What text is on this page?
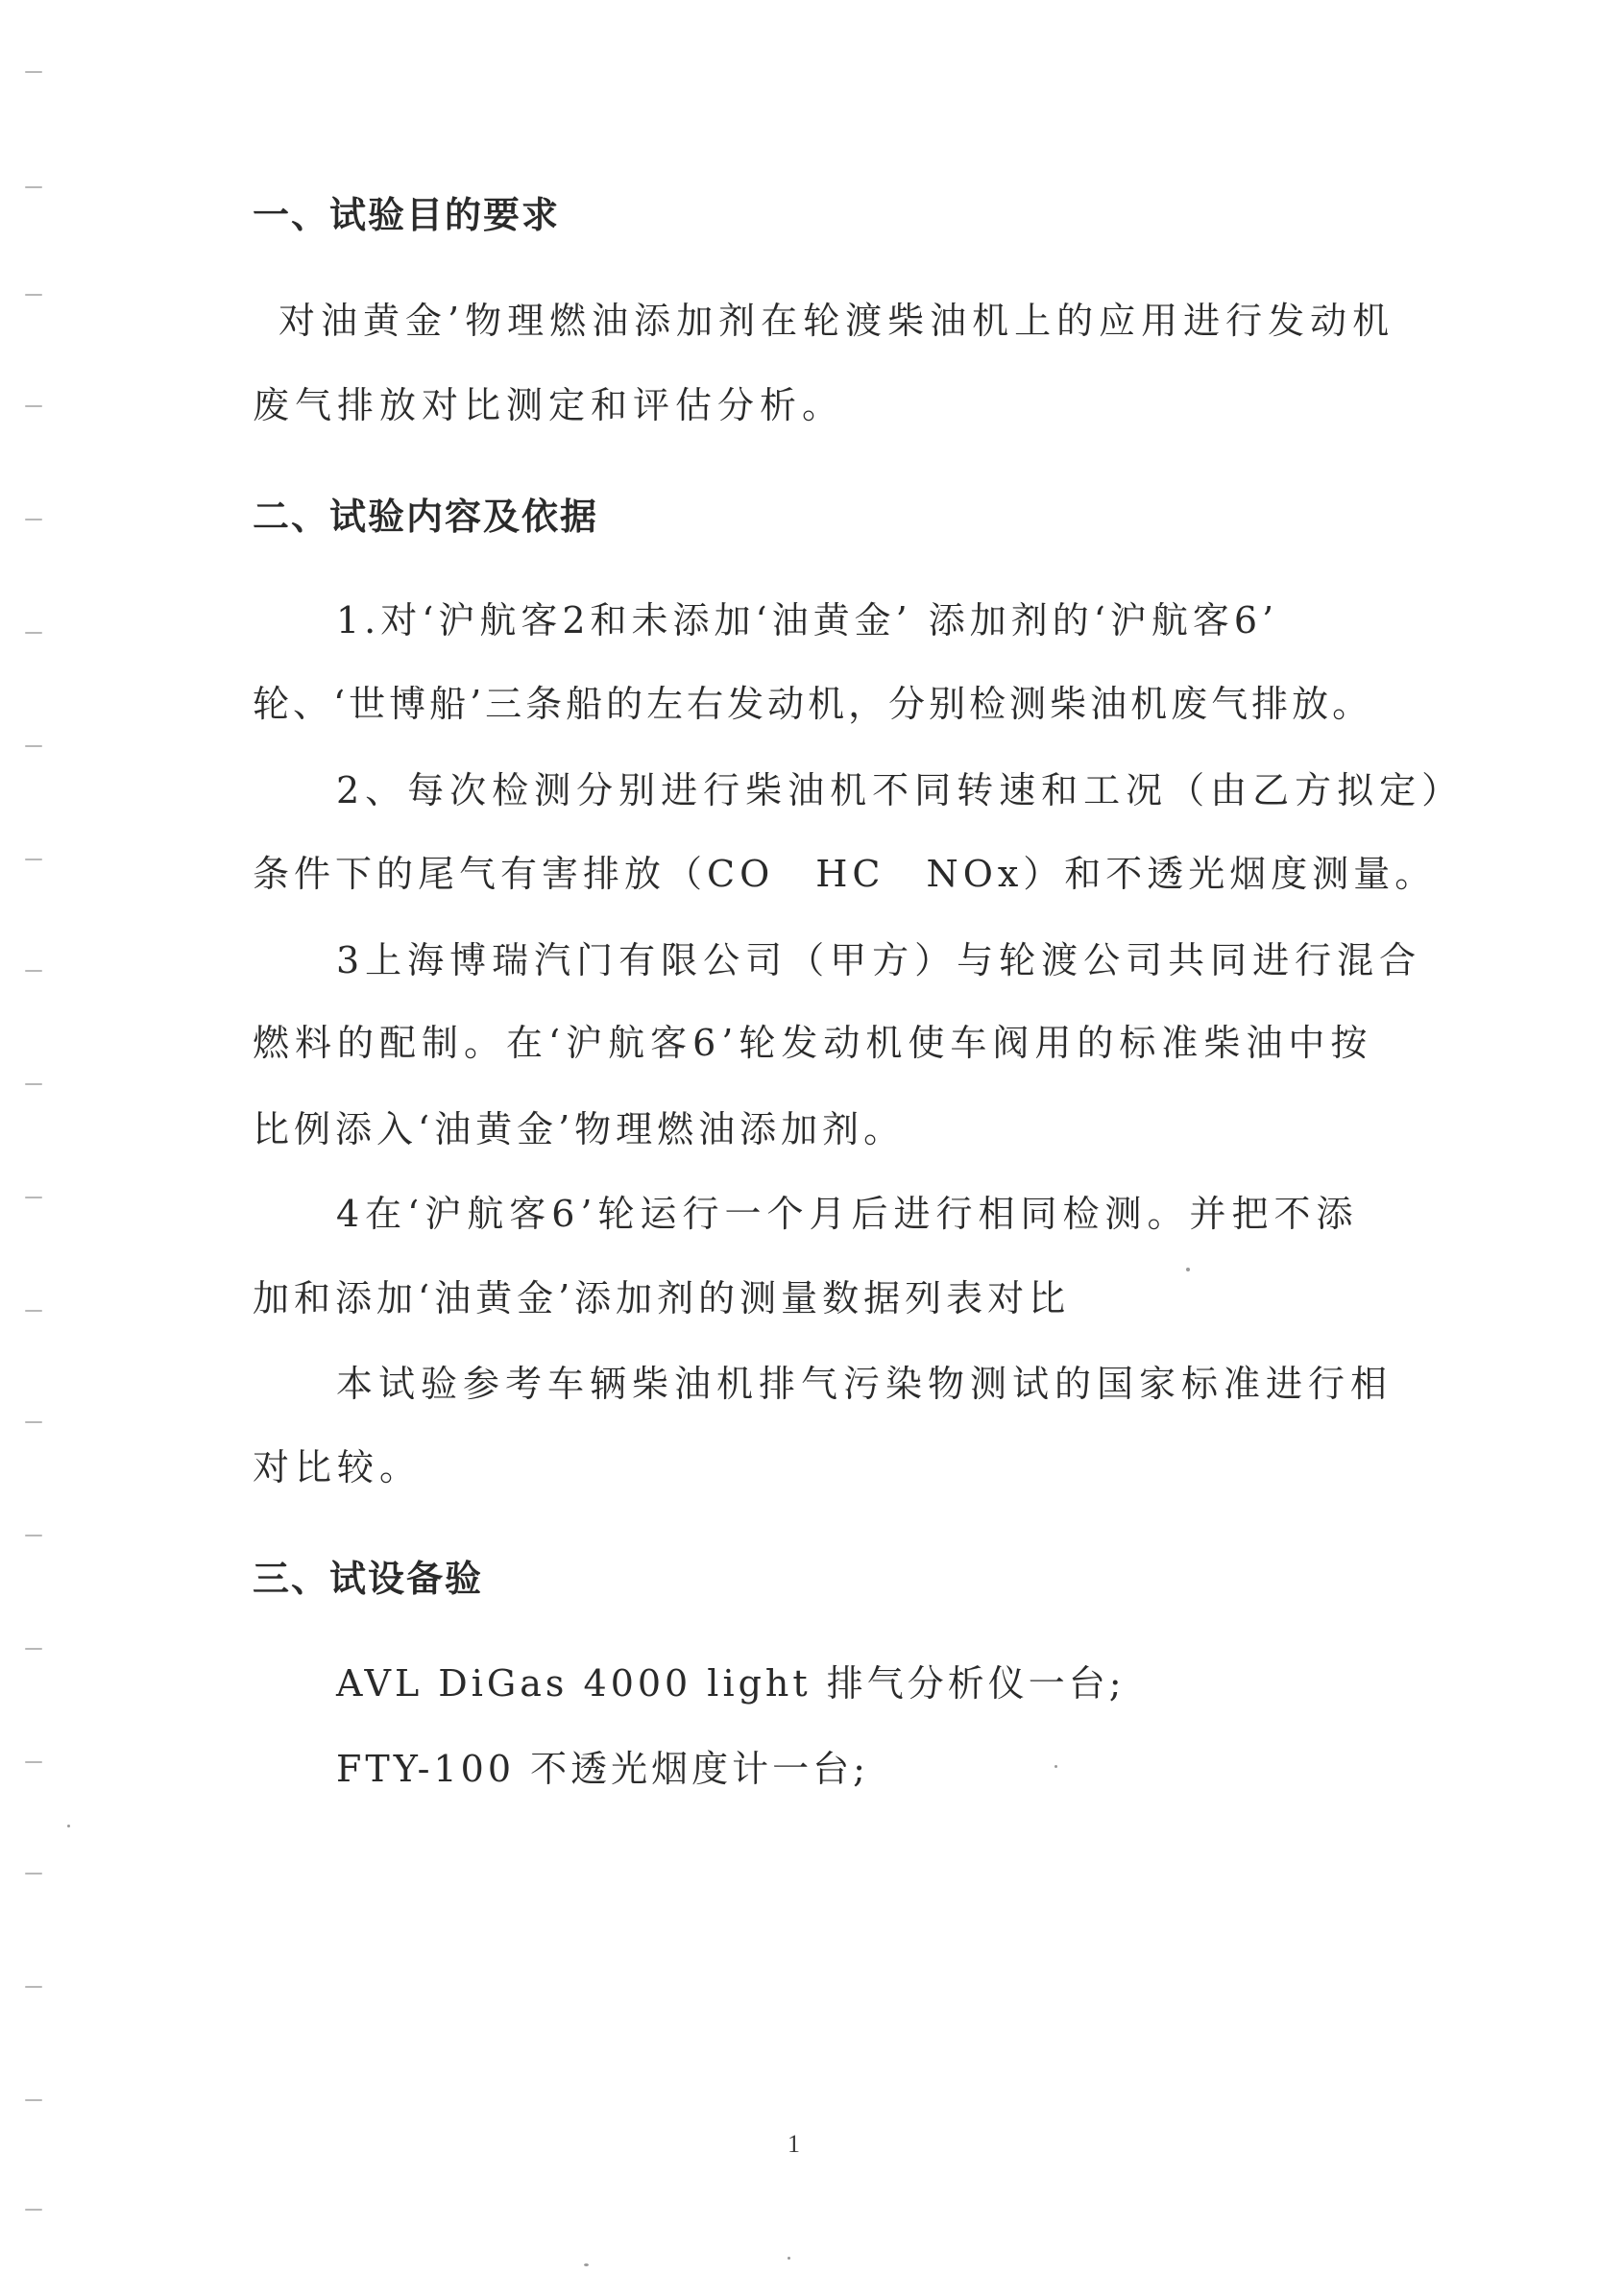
一、试验目的要求
对油黄金’物理燃油添加剂在轮渡柴油机上的应用进行发动机
废气排放对比测定和评估分析。
二、试验内容及依据
1.对‘沪航客2和未添加‘油黄金’ 添加剂的‘沪航客6’
轮、‘世博船’三条船的左右发动机，分别检测柴油机废气排放。
2、每次检测分别进行柴油机不同转速和工况（由乙方拟定）
条件下的尾气有害排放（CO　HC　NOx）和不透光烟度测量。
3上海博瑞汽门有限公司（甲方）与轮渡公司共同进行混合
燃料的配制。在‘沪航客6’轮发动机使车阀用的标准柴油中按
比例添入‘油黄金’物理燃油添加剂。
4在‘沪航客6’轮运行一个月后进行相同检测。并把不添
加和添加‘油黄金’添加剂的测量数据列表对比
本试验参考车辆柴油机排气污染物测试的国家标准进行相
对比较。
三、试设备验
AVL DiGas 4000 light 排气分析仪一台;
FTY-100 不透光烟度计一台;
1
